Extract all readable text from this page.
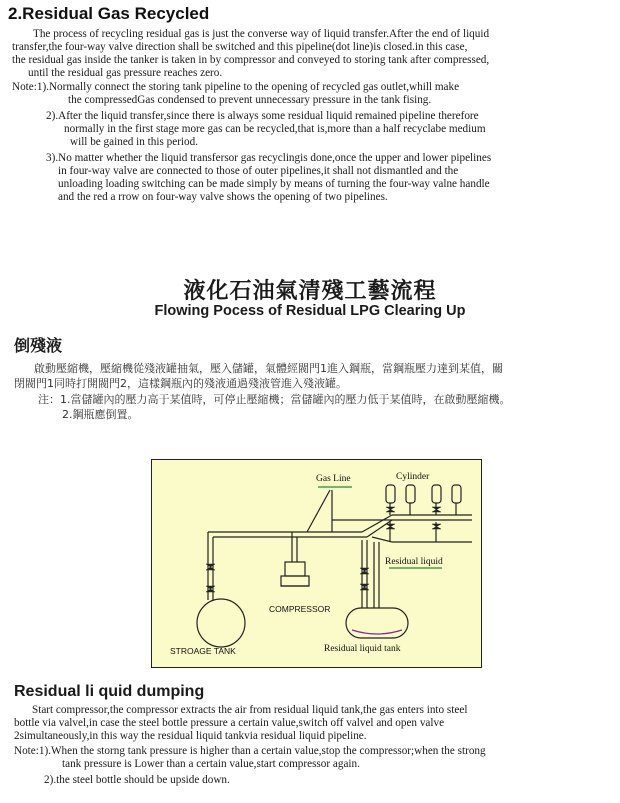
2.Residual Gas Recycled
The process of recycling residual gas is just the converse way of liquid transfer.After the end of liquid
transfer,the four-way valve direction shall be switched and this pipeline(dot line)is closed.in this case,
the residual gas inside the tanker is taken in by compressor and conveyed to storing tank after compressed,
until the residual gas pressure reaches zero.
Note:1).Normally connect the storing tank pipeline to the opening of recycled gas outlet,whill make
the compressedGas condensed to prevent unnecessary pressure in the tank fising.
2).After the liquid transfer,since there is always some residual liquid remained pipeline therefore
normally in the first stage more gas can be recycled,that is,more than a half recyclabe medium
will be gained in this period.
3).No matter whether the liquid transfersor gas recyclingis done,once the upper and lower pipelines
in four-way valve are connected to those of outer pipelines,it shall not dismantled and the
unloading loading switching can be made simply by means of turning the four-way valne handle
and the red a rrow on four-way valve shows the opening of two pipelines.
液化石油氣清殘工藝流程
Flowing Pocess of Residual LPG Clearing Up
倒殘液
啟動壓縮機，壓縮機從殘液罐抽氣，壓入儲罐，氣體經閥門1進入鋼瓶，當鋼瓶壓力達到某值，關
閉閥門1同時打開閥門2，這樣鋼瓶內的殘液通過殘液管進入殘液罐。
注：1.當儲罐內的壓力高于某值時，可停止壓縮機；當儲罐內的壓力低于某值時，在啟動壓縮機。
2.鋼瓶應倒置。
Gas Line	Cylinder
Residual liquid
COMPRESSOR
STROAGE TANK	Residual liquid tank
Residual li quid dumping
Start compressor,the compressor extracts the air from residual liquid tank,the gas enters into steel
bottle via valvel,in case the steel bottle pressure a certain value,switch off valvel and open valve
2simultaneously,in this way the residual liquid tankvia residual liquid pipeline.
Note:1).When the storng tank pressure is higher than a certain value,stop the compressor;when the strong
tank pressure is Lower than a certain value,start compressor again.
2).the steel bottle should be upside down.
